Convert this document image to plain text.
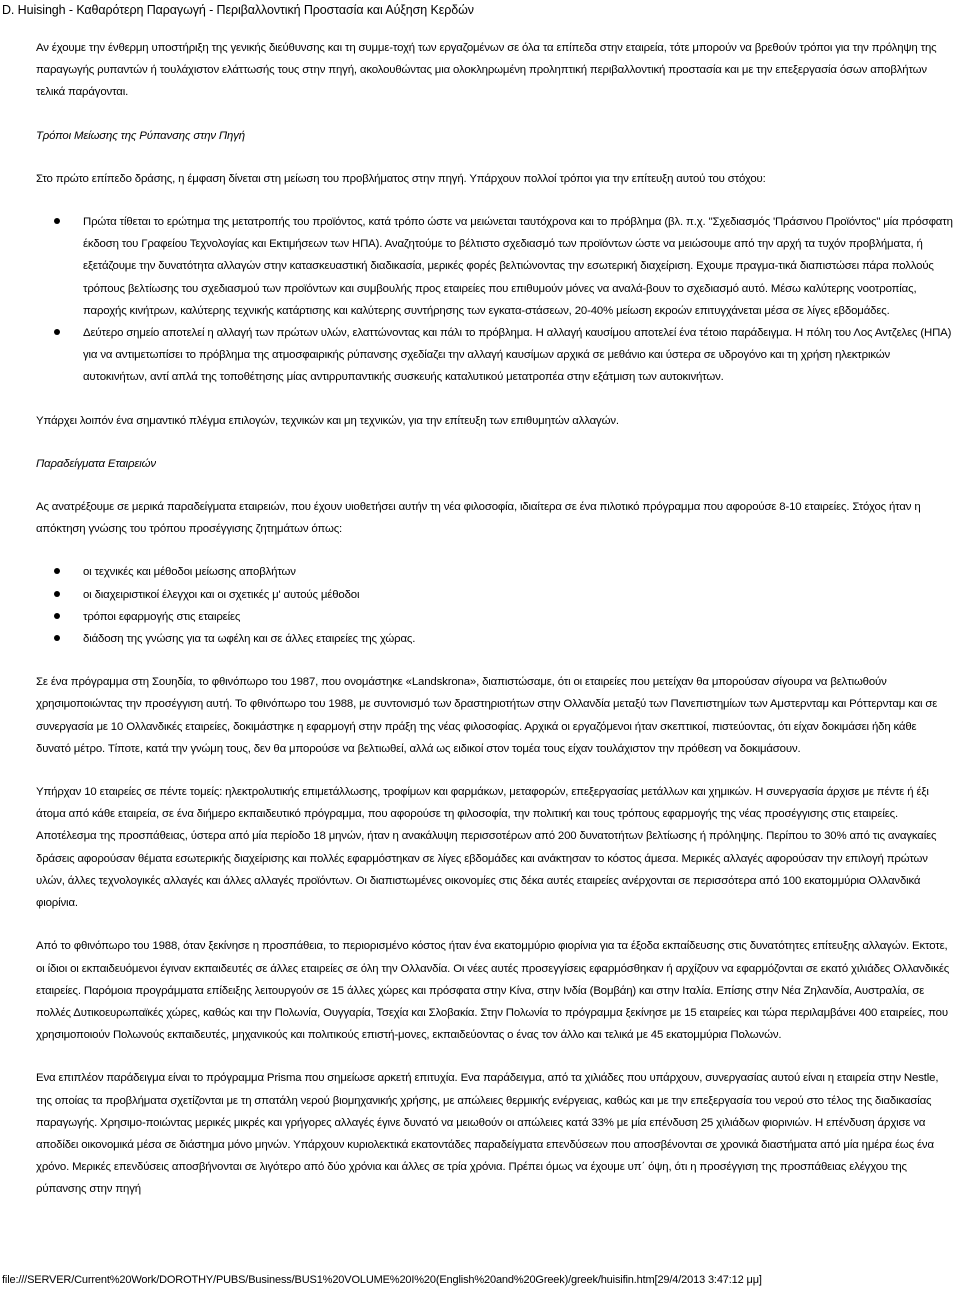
D. Huisingh - Καθαρότερη Παραγωγή - Περιβαλλοντική Προστασία και Αύξηση Κερδών

Αν έχουμε την ένθερμη υποστήριξη της γενικής διεύθυνσης και τη συμμε-τοχή των εργαζομένων σε όλα τα επίπεδα στην εταιρεία, τότε μπορούν να βρεθούν τρόποι για την πρόληψη της παραγωγής ρυπαντών ή τουλάχιστον ελάττωσής τους στην πηγή, ακολουθώντας μια ολοκληρωμένη προληπτική περιβαλλοντική προστασία και με την επεξεργασία όσων αποβλήτων τελικά παράγονται.

Τρόποι Μείωσης της Ρύπανσης στην Πηγή

Στο πρώτο επίπεδο δράσης, η έμφαση δίνεται στη μείωση του προβλήματος στην πηγή. Υπάρχουν πολλοί τρόποι για την επίτευξη αυτού του στόχου:

Πρώτα τίθεται το ερώτημα της μετατροπής του προϊόντος, κατά τρόπο ώστε να μειώνεται ταυτόχρονα και το πρόβλημα (βλ. π.χ. "Σχεδιασμός 'Πράσινου Προϊόντος" μία πρόσφατη έκδοση του Γραφείου Τεχνολογίας και Εκτιμήσεων των ΗΠΑ). Αναζητούμε το βέλτιστο σχεδιασμό των προϊόντων ώστε να μειώσουμε από την αρχή τα τυχόν προβλήματα, ή εξετάζουμε την δυνατότητα αλλαγών στην κατασκευαστική διαδικασία, μερικές φορές βελτιώνοντας την εσωτερική διαχείριση. Εχουμε πραγμα-τικά διαπιστώσει πάρα πολλούς τρόπους βελτίωσης του σχεδιασμού των προϊόντων και συμβουλής προς εταιρείες που επιθυμούν μόνες να αναλά-βουν το σχεδιασμό αυτό. Μέσω καλύτερης νοοτροπίας, παροχής κινήτρων, καλύτερης τεχνικής κατάρτισης και καλύτερης συντήρησης των εγκατα-στάσεων, 20-40% μείωση εκροών επιτυγχάνεται μέσα σε λίγες εβδομάδες.
Δεύτερο σημείο αποτελεί η αλλαγή των πρώτων υλών, ελαττώνοντας και πάλι το πρόβλημα. Η αλλαγή καυσίμου αποτελεί ένα τέτοιο παράδειγμα. Η πόλη του Λος Αντζελες (ΗΠΑ) για να αντιμετωπίσει το πρόβλημα της ατμοσφαιρικής ρύπανσης σχεδίαζει την αλλαγή καυσίμων αρχικά σε μεθάνιο και ύστερα σε υδρογόνο και τη χρήση ηλεκτρικών αυτοκινήτων, αντί απλά της τοποθέτησης μίας αντιρρυπαντικής συσκευής καταλυτικού μετατροπέα στην εξάτμιση των αυτοκινήτων.

Υπάρχει λοιπόν ένα σημαντικό πλέγμα επιλογών, τεχνικών και μη τεχνικών, για την επίτευξη των επιθυμητών αλλαγών.

Παραδείγματα Εταιρειών

Ας ανατρέξουμε σε μερικά παραδείγματα εταιρειών, που έχουν υιοθετήσει αυτήν τη νέα φιλοσοφία, ιδιαίτερα σε ένα πιλοτικό πρόγραμμα που αφορούσε 8-10 εταιρείες. Στόχος ήταν η απόκτηση γνώσης του τρόπου προσέγγισης ζητημάτων όπως:

οι τεχνικές και μέθοδοι μείωσης αποβλήτων
οι διαχειριστικοί έλεγχοι και οι σχετικές μ' αυτούς μέθοδοι
τρόποι εφαρμογής στις εταιρείες
διάδοση της γνώσης για τα ωφέλη και σε άλλες εταιρείες της χώρας.

Σε ένα πρόγραμμα στη Σουηδία, το φθινόπωρο του 1987, που ονομάστηκε «Landskrona», διαπιστώσαμε, ότι οι εταιρείες που μετείχαν θα μπορούσαν σίγουρα να βελτιωθούν χρησιμοποιώντας την προσέγγιση αυτή. Το φθινόπωρο του 1988, με συντονισμό των δραστηριοτήτων στην Ολλανδία μεταξύ των Πανεπιστημίων των Αμστερνταμ και Ρόττερνταμ και σε συνεργασία με 10 Ολλανδικές εταιρείες, δοκιμάστηκε η εφαρμογή στην πράξη της νέας φιλοσοφίας. Αρχικά οι εργαζόμενοι ήταν σκεπτικοί, πιστεύοντας, ότι είχαν δοκιμάσει ήδη κάθε δυνατό μέτρο. Τίποτε, κατά την γνώμη τους, δεν θα μπορούσε να βελτιωθεί, αλλά ως ειδικοί στον τομέα τους είχαν τουλάχιστον την πρόθεση να δοκιμάσουν.

Υπήρχαν 10 εταιρείες σε πέντε τομείς: ηλεκτρολυτικής επιμετάλλωσης, τροφίμων και φαρμάκων, μεταφορών, επεξεργασίας μετάλλων και χημικών. Η συνεργασία άρχισε με πέντε ή έξι άτομα από κάθε εταιρεία, σε ένα διήμερο εκπαιδευτικό πρόγραμμα, που αφορούσε τη φιλοσοφία, την πολιτική και τους τρόπους εφαρμογής της νέας προσέγγισης στις εταιρείες. Αποτέλεσμα της προσπάθειας, ύστερα από μία περίοδο 18 μηνών, ήταν η ανακάλυψη περισσοτέρων από 200 δυνατοτήτων βελτίωσης ή πρόληψης. Περίπου το 30% από τις αναγκαίες δράσεις αφορούσαν θέματα εσωτερικής διαχείρισης και πολλές εφαρμόστηκαν σε λίγες εβδομάδες και ανάκτησαν το κόστος άμεσα. Μερικές αλλαγές αφορούσαν την επιλογή πρώτων υλών, άλλες τεχνολογικές αλλαγές και άλλες αλλαγές προϊόντων. Οι διαπιστωμένες οικονομίες στις δέκα αυτές εταιρείες ανέρχονται σε περισσότερα από 100 εκατομμύρια Ολλανδικά φιορίνια.

Από το φθινόπωρο του 1988, όταν ξεκίνησε η προσπάθεια, το περιορισμένο κόστος ήταν ένα εκατομμύριο φιορίνια για τα έξοδα εκπαίδευσης στις δυνατότητες επίτευξης αλλαγών. Εκτοτε, οι ίδιοι οι εκπαιδευόμενοι έγιναν εκπαιδευτές σε άλλες εταιρείες σε όλη την Ολλανδία. Οι νέες αυτές προσεγγίσεις εφαρμόσθηκαν ή αρχίζουν να εφαρμόζονται σε εκατό χιλιάδες Ολλανδικές εταιρείες. Παρόμοια προγράμματα επίδειξης λειτουργούν σε 15 άλλες χώρες και πρόσφατα στην Κίνα, στην Ινδία (Βομβάη) και στην Ιταλία. Επίσης στην Νέα Ζηλανδία, Αυστραλία, σε πολλές Δυτικοευρωπαϊκές χώρες, καθώς και την Πολωνία, Ουγγαρία, Τσεχία και Σλοβακία. Στην Πολωνία το πρόγραμμα ξεκίνησε με 15 εταιρείες και τώρα περιλαμβάνει 400 εταιρείες, που χρησιμοποιούν Πολωνούς εκπαιδευτές, μηχανικούς και πολιτικούς επιστή-μονες, εκπαιδεύοντας ο ένας τον άλλο και τελικά με 45 εκατομμύρια Πολωνών.

Ενα επιπλέον παράδειγμα είναι το πρόγραμμα Prisma που σημείωσε αρκετή επιτυχία. Ενα παράδειγμα, από τα χιλιάδες που υπάρχουν, συνεργασίας αυτού είναι η εταιρεία στην Nestle, της οποίας τα προβλήματα σχετίζονται με τη σπατάλη νερού βιομηχανικής χρήσης, με απώλειες θερμικής ενέργειας, καθώς και με την επεξεργασία του νερού στο τέλος της διαδικασίας παραγωγής. Χρησιμο-ποιώντας μερικές μικρές και γρήγορες αλλαγές έγινε δυνατό να μειωθούν οι απώλειες κατά 33% με μία επένδυση 25 χιλιάδων φιορινιών. Η επένδυση άρχισε να αποδίδει οικονομικά μέσα σε διάστημα μόνο μηνών. Υπάρχουν κυριολεκτικά εκατοντάδες παραδείγματα επενδύσεων που αποσβένονται σε χρονικά διαστήματα από μία ημέρα έως ένα χρόνο. Μερικές επενδύσεις αποσβήνονται σε λιγότερο από δύο χρόνια και άλλες σε τρία χρόνια. Πρέπει όμως να έχουμε υπ΄ όψη, ότι η προσέγγιση της προσπάθειας ελέγχου της ρύπανσης στην πηγή

file:///SERVER/Current%20Work/DOROTHY/PUBS/Business/BUS1%20VOLUME%20I%20(English%20and%20Greek)/greek/huisifin.htm[29/4/2013 3:47:12 μμ]
